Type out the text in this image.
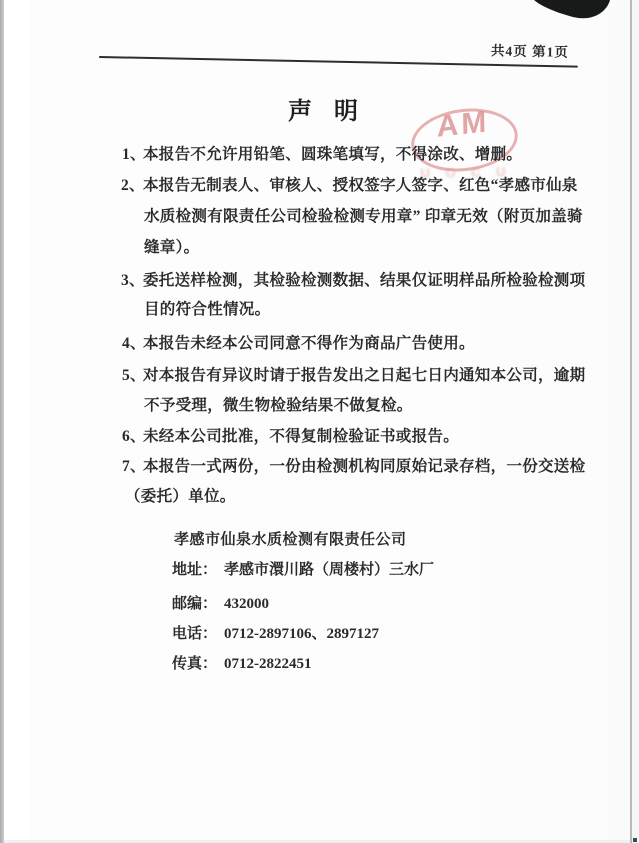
共4页 第1页
AM
U O C U
声明
1、
本报告不允许用铅笔、圆珠笔填写，不得涂改、增删。
2、
本报告无制表人、审核人、授权签字人签字、红色“孝感市仙泉
水质检测有限责任公司检验检测专用章” 印章无效（附页加盖骑
缝章）。
3、
委托送样检测，其检验检测数据、结果仅证明样品所检验检测项
目的符合性情况。
4、
本报告未经本公司同意不得作为商品广告使用。
5、
对本报告有异议时请于报告发出之日起七日内通知本公司，逾期
不予受理，微生物检验结果不做复检。
6、
未经本公司批准，不得复制检验证书或报告。
7、
本报告一式两份，一份由检测机构同原始记录存档，一份交送检
（委托）单位。
孝感市仙泉水质检测有限责任公司
地址： 孝感市澴川路（周楼村）三水厂
邮编： 432000
电话： 0712-2897106、2897127
传真： 0712-2822451
